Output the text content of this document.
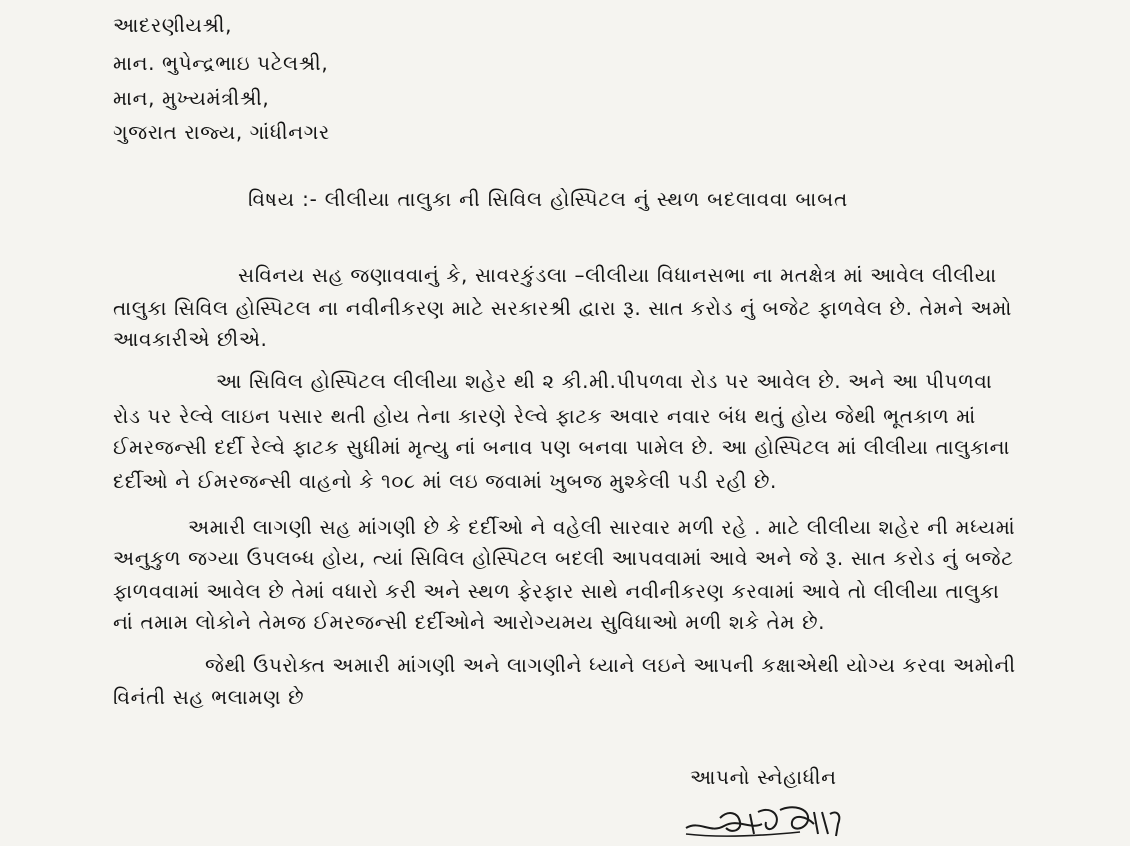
આદરણીયશ્રી,
માન. ભુપેન્દ્રભાઇ પટેલશ્રી,
માન, મુખ્યમંત્રીશ્રી,
ગુજરાત રાજ્ય, ગાંધીનગર
વિષય :- લીલીયા તાલુકા ની સિવિલ હોસ્પિટલ નું સ્થળ બદલાવવા બાબત
સવિનય સહ જણાવવાનું કે, સાવરકુંડલા –લીલીયા વિધાનસભા ના મતક્ષેત્ર માં આવેલ લીલીયા
તાલુકા સિવિલ હોસ્પિટલ ના નવીનીકરણ માટે સરકારશ્રી દ્વારા રૂ. સાત કરોડ નું બજેટ ફાળવેલ છે. તેમને અમો
આવકારીએ છીએ.
આ સિવિલ હોસ્પિટલ લીલીયા શહેર થી ૨ કી.મી.પીપળવા રોડ પર આવેલ છે. અને આ પીપળવા
રોડ પર રેલ્વે લાઇન પસાર થતી હોય તેના કારણે રેલ્વે ફાટક અવાર નવાર બંધ થતું હોય જેથી ભૂતકાળ માં
ઈમરજન્સી દર્દી રેલ્વે ફાટક સુધીમાં મૃત્યુ નાં બનાવ પણ બનવા પામેલ છે. આ હોસ્પિટલ માં લીલીયા તાલુકાના
દર્દીઓ ને ઈમરજન્સી વાહનો કે ૧૦૮ માં લઇ જવામાં ખુબજ મુશ્કેલી પડી રહી છે.
અમારી લાગણી સહ માંગણી છે કે દર્દીઓ ને વહેલી સારવાર મળી રહે . માટે લીલીયા શહેર ની મધ્યમાં
અનુકુળ જગ્યા ઉપલબ્ધ હોય, ત્યાં સિવિલ હોસ્પિટલ બદલી આપવવામાં આવે અને જે રૂ. સાત કરોડ નું બજેટ
ફાળવવામાં આવેલ છે તેમાં વધારો કરી અને સ્થળ ફેરફાર સાથે નવીનીકરણ કરવામાં આવે તો લીલીયા તાલુકા
નાં તમામ લોકોને તેમજ ઈમરજન્સી દર્દીઓને આરોગ્યમય સુવિધાઓ મળી શકે તેમ છે.
જેથી ઉપરોક્ત અમારી માંગણી અને લાગણીને ધ્યાને લઇને આપની કક્ષાએથી યોગ્ય કરવા અમોની
વિનંતી સહ ભલામણ છે
આપનો સ્નેહાધીન
